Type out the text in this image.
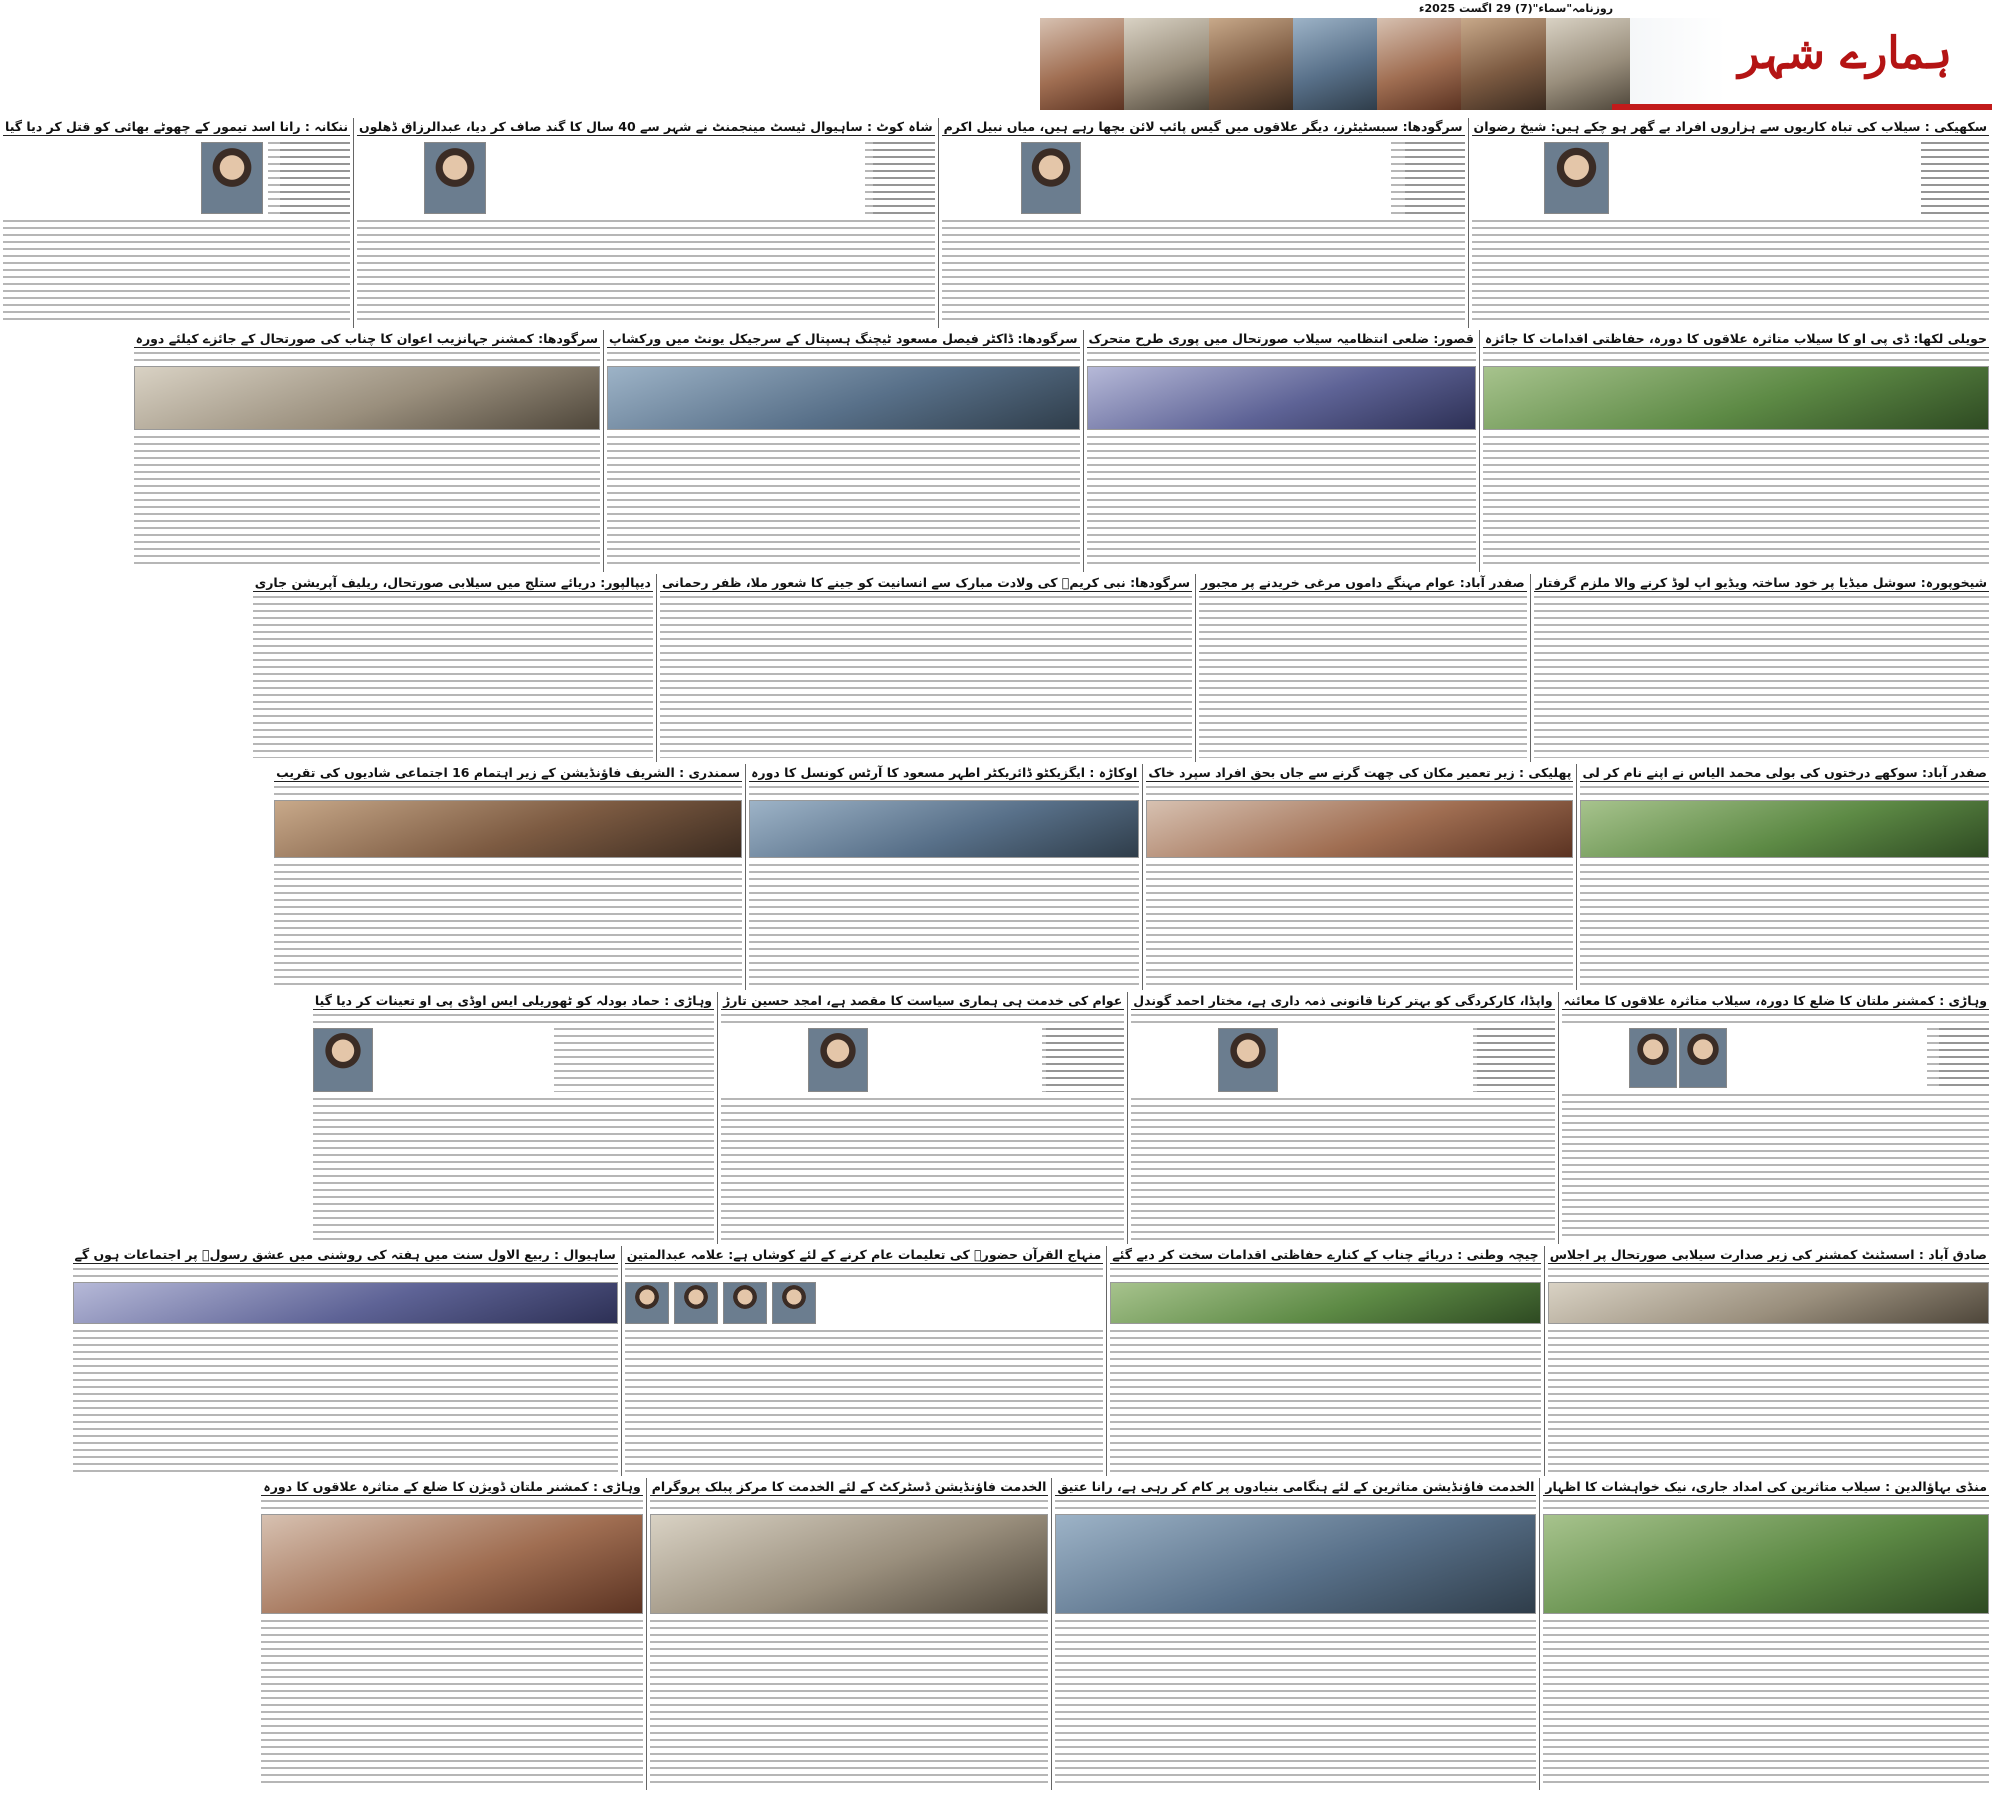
روزنامہ"سماء"(7) 29 اگست 2025ء
ہمارے شہر
سکھیکی : سیلاب کی تباہ کاریوں سے ہزاروں افراد بے گھر ہو چکے ہیں: شیخ رضوان
سرگودھا: سبسٹیٹرز، دیگر علاقوں میں گیس پائپ لائن بچھا رہے ہیں، میاں نبیل اکرم
شاہ کوٹ : ساہیوال ٹیسٹ مینجمنٹ نے شہر سے 40 سال کا گند صاف کر دیا، عبدالرزاق ڈھلوں
ننکانہ : رانا اسد تیمور کے چھوٹے بھائی کو قتل کر دیا گیا
حویلی لکھا: ڈی پی او کا سیلاب متاثرہ علاقوں کا دورہ، حفاظتی اقدامات کا جائزہ
قصور: ضلعی انتظامیہ سیلاب صورتحال میں پوری طرح متحرک
سرگودھا: ڈاکٹر فیصل مسعود ٹیچنگ ہسپتال کے سرجیکل یونٹ میں ورکشاپ
سرگودھا: کمشنر جہانزیب اعوان کا چناب کی صورتحال کے جائزے کیلئے دورہ
شیخوپورہ: سوشل میڈیا پر خود ساختہ ویڈیو اپ لوڈ کرنے والا ملزم گرفتار
صفدر آباد: عوام مہنگے داموں مرغی خریدنے پر مجبور
سرگودھا: نبی کریمؐ کی ولادت مبارک سے انسانیت کو جینے کا شعور ملا، ظفر رحمانی
دیپالپور: دریائے ستلج میں سیلابی صورتحال، ریلیف آپریشن جاری
صفدر آباد: سوکھے درختوں کی بولی محمد الیاس نے اپنے نام کر لی
پھلیکی : زیر تعمیر مکان کی چھت گرنے سے جاں بحق افراد سپرد خاک
اوکاڑہ : ایگزیکٹو ڈائریکٹر اطہر مسعود کا آرٹس کونسل کا دورہ
سمندری : الشریف فاؤنڈیشن کے زیر اہتمام 16 اجتماعی شادیوں کی تقریب
وہاڑی : کمشنر ملتان کا ضلع کا دورہ، سیلاب متاثرہ علاقوں کا معائنہ
واپڈا، کارکردگی کو بہتر کرنا قانونی ذمہ داری ہے، مختار احمد گوندل
عوام کی خدمت ہی ہماری سیاست کا مقصد ہے، امجد حسین تارڑ
وہاڑی : حماد بودلہ کو ٹھوریلی ایس اوڈی پی او تعینات کر دیا گیا
صادق آباد : اسسٹنٹ کمشنر کی زیر صدارت سیلابی صورتحال پر اجلاس
چیچہ وطنی : دریائے چناب کے کنارے حفاظتی اقدامات سخت کر دیے گئے
منہاج القرآن حضورؐ کی تعلیمات عام کرنے کے لئے کوشاں ہے: علامہ عبدالمتین
ساہیوال : ربیع الاول سنت میں ہفتہ کی روشنی میں عشق رسولؐ پر اجتماعات ہوں گے
منڈی بہاؤالدین : سیلاب متاثرین کی امداد جاری، نیک خواہشات کا اظہار
الخدمت فاؤنڈیشن متاثرین کے لئے ہنگامی بنیادوں پر کام کر رہی ہے، رانا عتیق
الخدمت فاؤنڈیشن ڈسٹرکٹ کے لئے الخدمت کا مرکز پبلک پروگرام
وہاڑی : کمشنر ملتان ڈویژن کا ضلع کے متاثرہ علاقوں کا دورہ
